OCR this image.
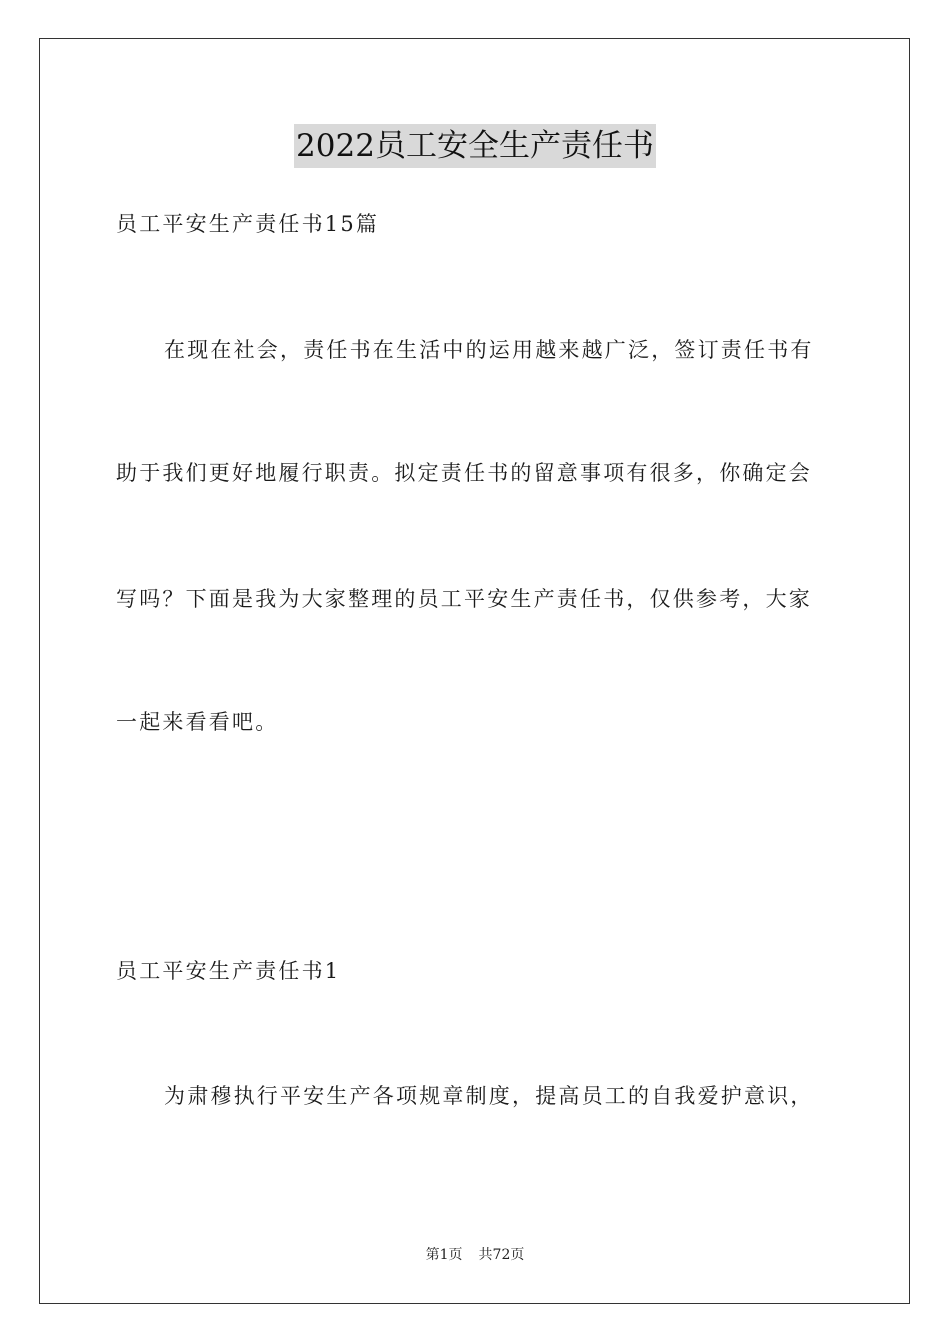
2022员工安全生产责任书
员工平安生产责任书15篇
在现在社会，责任书在生活中的运用越来越广泛，签订责任书有
助于我们更好地履行职责。拟定责任书的留意事项有很多，你确定会
写吗？下面是我为大家整理的员工平安生产责任书，仅供参考，大家
一起来看看吧。
员工平安生产责任书1
为肃穆执行平安生产各项规章制度，提高员工的自我爱护意识，
第1页 共72页
